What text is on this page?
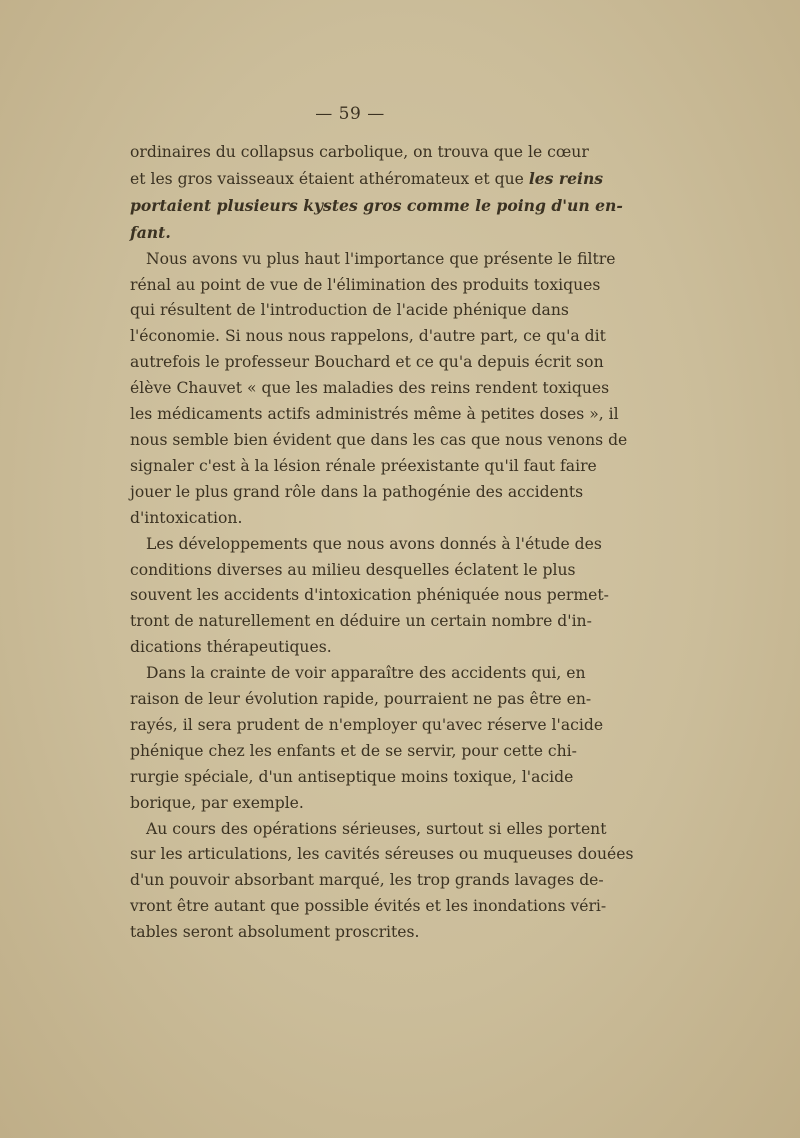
— 59 —
ordinaires du collapsus carbolique, on trouva que le cœur
et les gros vaisseaux étaient athéromateux et que les reins
portaient plusieurs kystes gros comme le poing d'un en-
fant.
Nous avons vu plus haut l'importance que présente le filtre
rénal au point de vue de l'élimination des produits toxiques
qui résultent de l'introduction de l'acide phénique dans
l'économie. Si nous nous rappelons, d'autre part, ce qu'a dit
autrefois le professeur Bouchard et ce qu'a depuis écrit son
élève Chauvet « que les maladies des reins rendent toxiques
les médicaments actifs administrés même à petites doses », il
nous semble bien évident que dans les cas que nous venons de
signaler c'est à la lésion rénale préexistante qu'il faut faire
jouer le plus grand rôle dans la pathogénie des accidents
d'intoxication.
Les développements que nous avons donnés à l'étude des
conditions diverses au milieu desquelles éclatent le plus
souvent les accidents d'intoxication phéniquée nous permet-
tront de naturellement en déduire un certain nombre d'in-
dications thérapeutiques.
Dans la crainte de voir apparaître des accidents qui, en
raison de leur évolution rapide, pourraient ne pas être en-
rayés, il sera prudent de n'employer qu'avec réserve l'acide
phénique chez les enfants et de se servir, pour cette chi-
rurgie spéciale, d'un antiseptique moins toxique, l'acide
borique, par exemple.
Au cours des opérations sérieuses, surtout si elles portent
sur les articulations, les cavités séreuses ou muqueuses douées
d'un pouvoir absorbant marqué, les trop grands lavages de-
vront être autant que possible évités et les inondations véri-
tables seront absolument proscrites.
